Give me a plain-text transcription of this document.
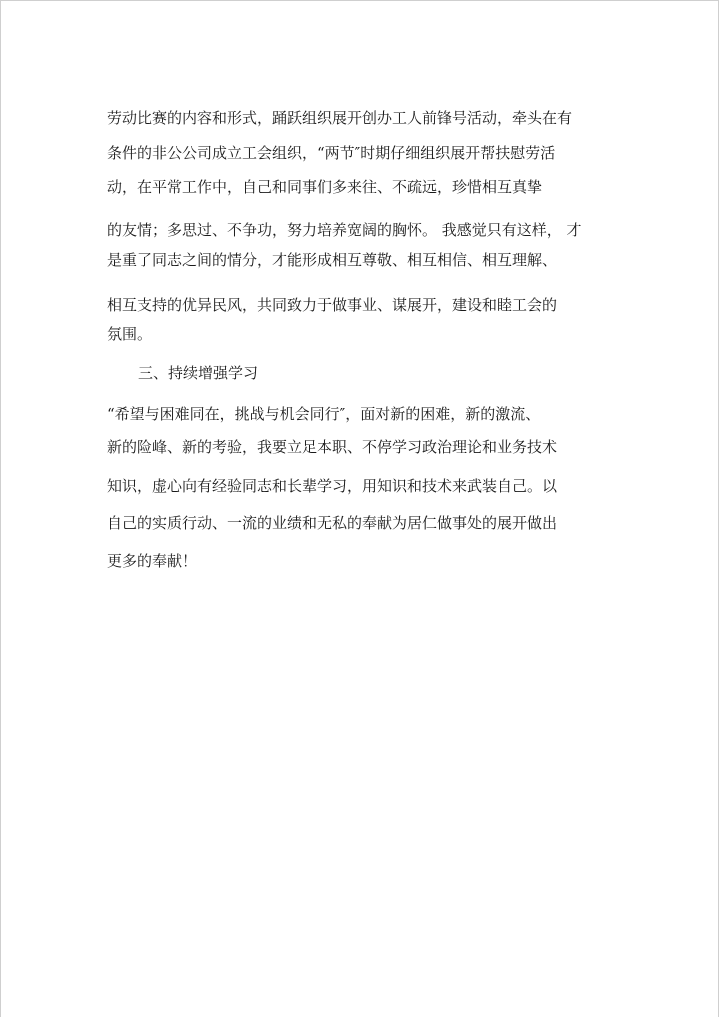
劳动比赛的内容和形式，踊跃组织展开创办工人前锋号活动，牵头在有

条件的非公公司成立工会组织，“两节″时期仔细组织展开帮扶慰劳活

动，在平常工作中，自己和同事们多来往、不疏远，珍惜相互真挚

的友情；多思过、不争功，努力培养宽阔的胸怀。 我感觉只有这样， 才

是重了同志之间的情分，才能形成相互尊敬、相互相信、相互理解、

相互支持的优异民风，共同致力于做事业、谋展开，建设和睦工会的

氛围。

三、持续增强学习

“希望与困难同在，挑战与机会同行″，面对新的困难，新的激流、

新的险峰、新的考验，我要立足本职、不停学习政治理论和业务技术

知识，虚心向有经验同志和长辈学习，用知识和技术来武装自己。以

自己的实质行动、一流的业绩和无私的奉献为居仁做事处的展开做出

更多的奉献！
